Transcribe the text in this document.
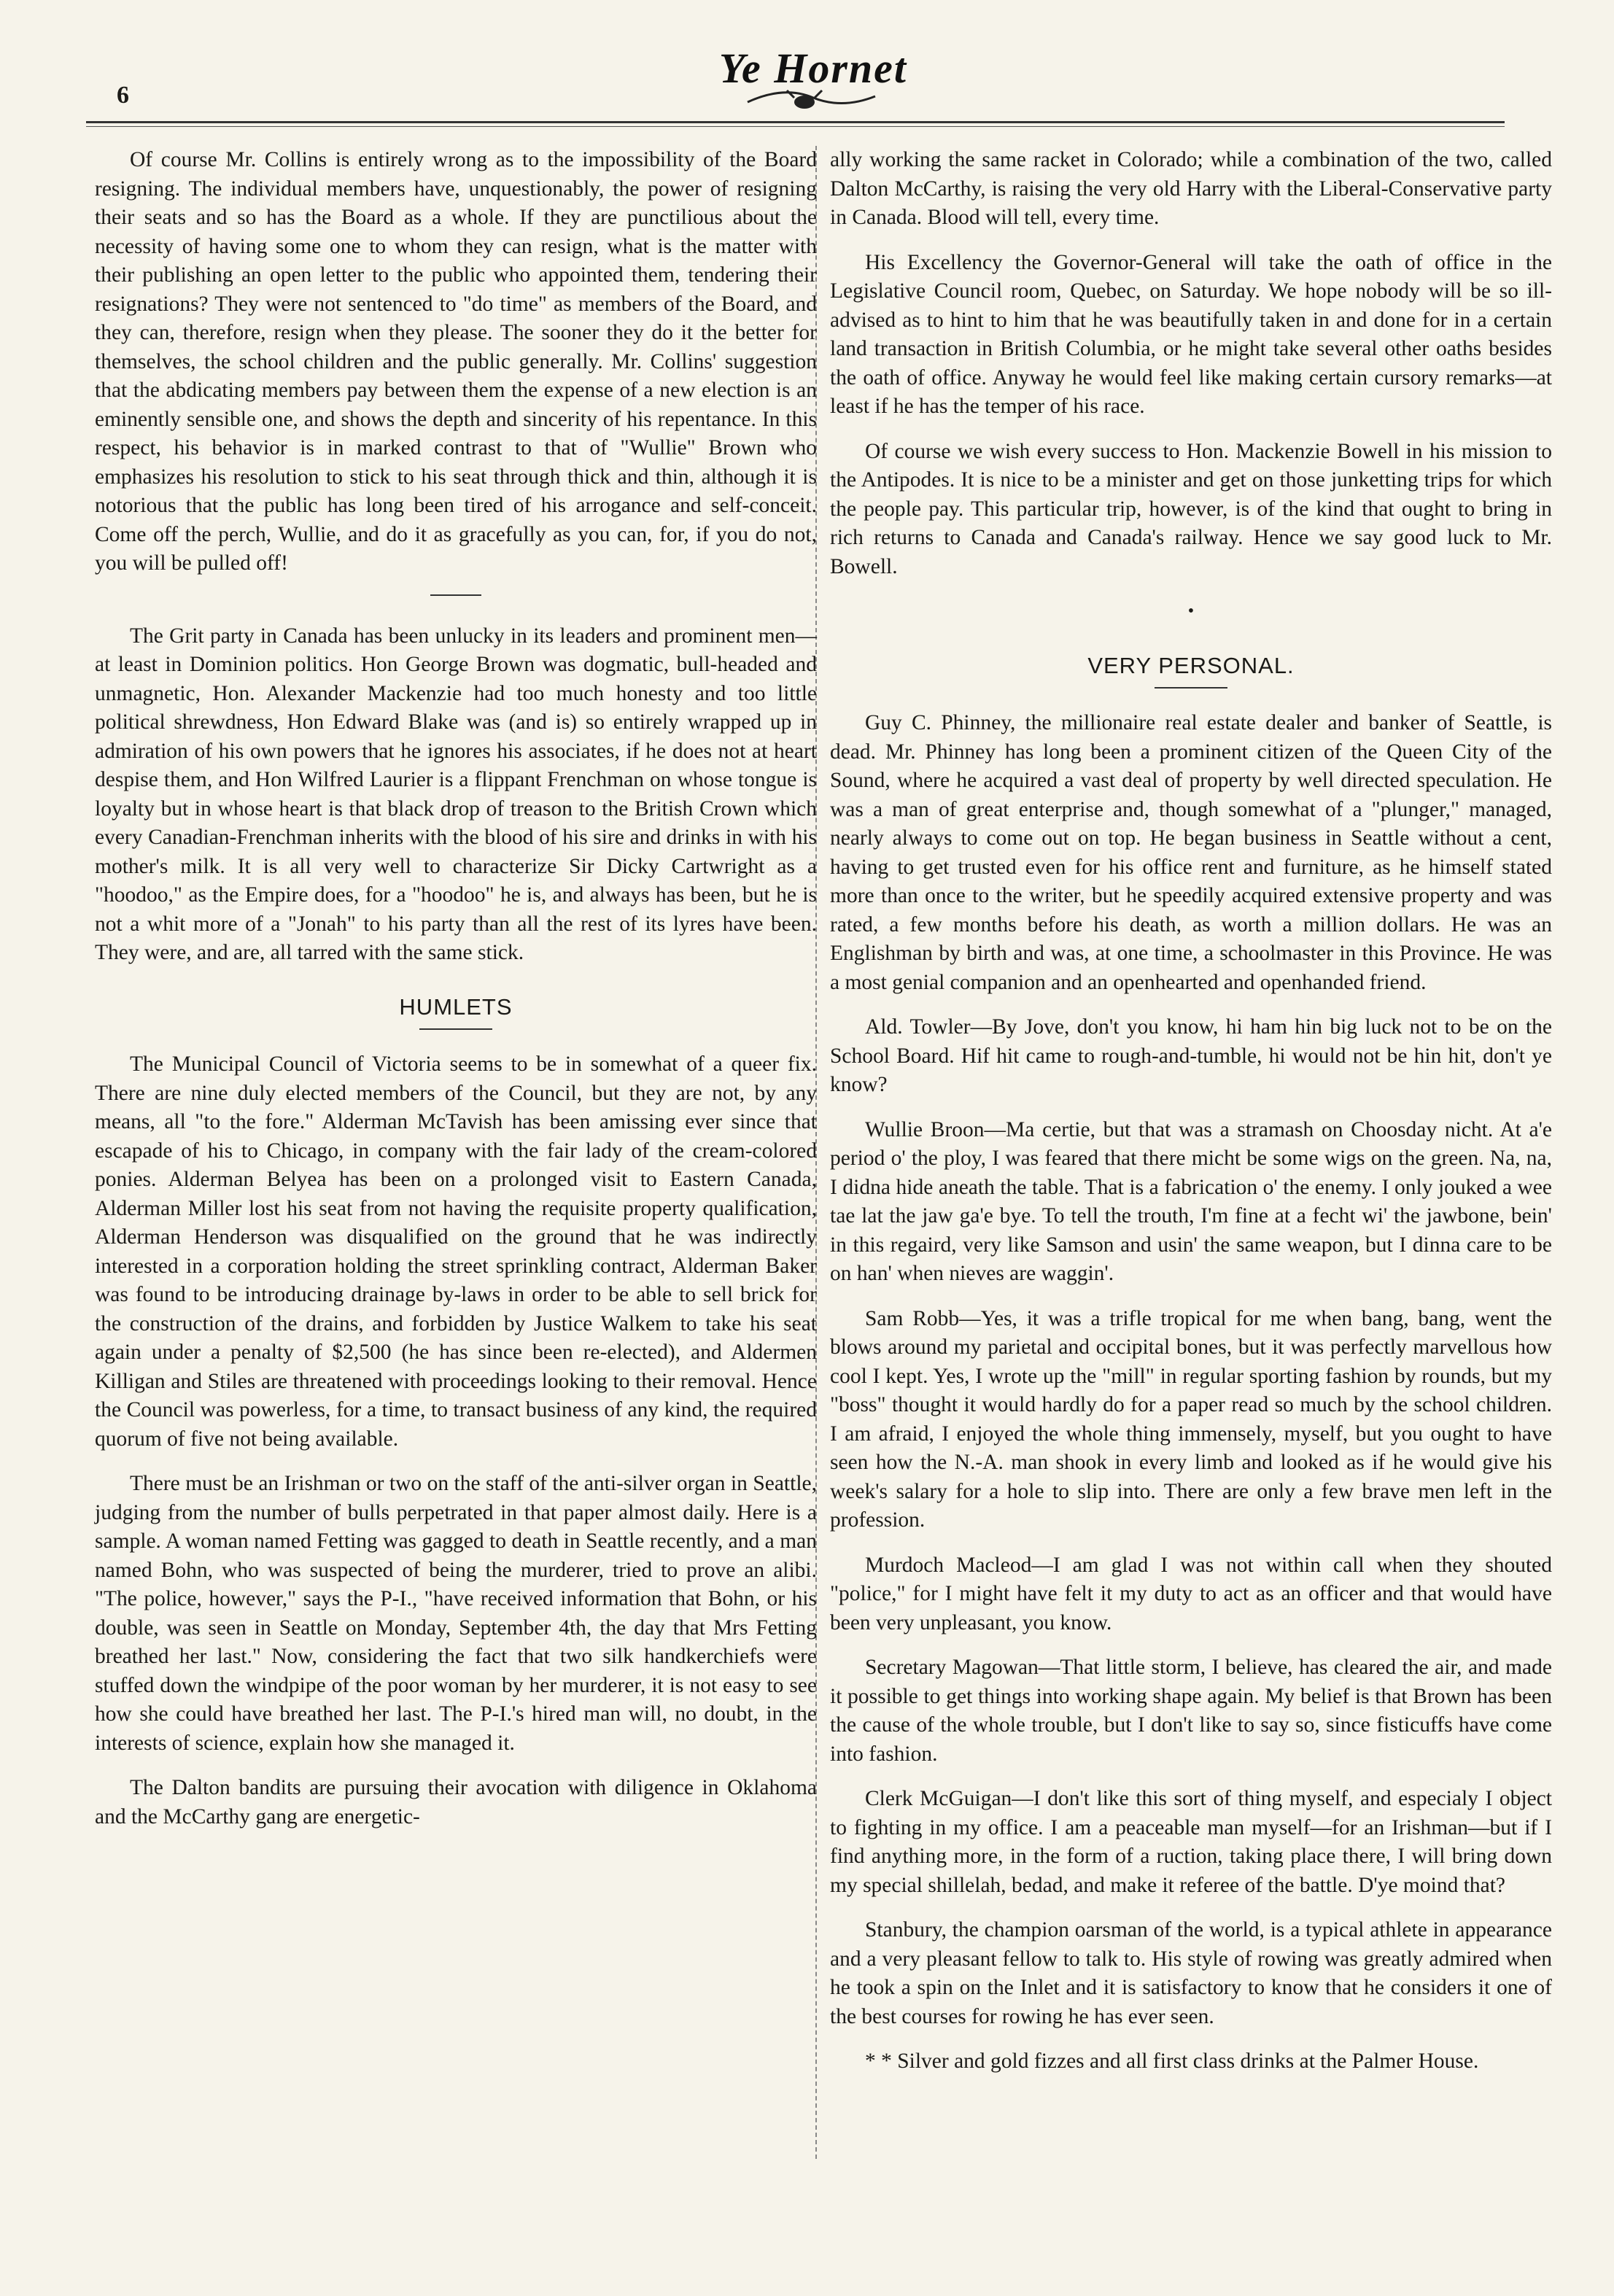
6
Ye Hornet

Of course Mr. Collins is entirely wrong as to the impossibility of the Board resigning. The individual members have, unquestionably, the power of resigning their seats and so has the Board as a whole. If they are punctilious about the necessity of having some one to whom they can resign, what is the matter with their publishing an open letter to the public who appointed them, tendering their resignations? They were not sentenced to "do time" as members of the Board, and they can, therefore, resign when they please. The sooner they do it the better for themselves, the school children and the public generally. Mr. Collins' suggestion that the abdicating members pay between them the expense of a new election is an eminently sensible one, and shows the depth and sincerity of his repentance. In this respect, his behavior is in marked contrast to that of "Wullie" Brown who emphasizes his resolution to stick to his seat through thick and thin, although it is notorious that the public has long been tired of his arrogance and self-conceit. Come off the perch, Wullie, and do it as gracefully as you can, for, if you do not, you will be pulled off!

The Grit party in Canada has been unlucky in its leaders and prominent men—at least in Dominion politics. Hon George Brown was dogmatic, bull-headed and unmagnetic, Hon. Alexander Mackenzie had too much honesty and too little political shrewdness, Hon Edward Blake was (and is) so entirely wrapped up in admiration of his own powers that he ignores his associates, if he does not at heart despise them, and Hon Wilfred Laurier is a flippant Frenchman on whose tongue is loyalty but in whose heart is that black drop of treason to the British Crown which every Canadian-Frenchman inherits with the blood of his sire and drinks in with his mother's milk. It is all very well to characterize Sir Dicky Cartwright as a "hoodoo," as the Empire does, for a "hoodoo" he is, and always has been, but he is not a whit more of a "Jonah" to his party than all the rest of its lyres have been. They were, and are, all tarred with the same stick.

HUMLETS

The Municipal Council of Victoria seems to be in somewhat of a queer fix. There are nine duly elected members of the Council, but they are not, by any means, all "to the fore." Alderman McTavish has been amissing ever since that escapade of his to Chicago, in company with the fair lady of the cream-colored ponies. Alderman Belyea has been on a prolonged visit to Eastern Canada, Alderman Miller lost his seat from not having the requisite property qualification, Alderman Henderson was disqualified on the ground that he was indirectly interested in a corporation holding the street sprinkling contract, Alderman Baker was found to be introducing drainage by-laws in order to be able to sell brick for the construction of the drains, and forbidden by Justice Walkem to take his seat again under a penalty of $2,500 (he has since been re-elected), and Aldermen Killigan and Stiles are threatened with proceedings looking to their removal. Hence the Council was powerless, for a time, to transact business of any kind, the required quorum of five not being available.

There must be an Irishman or two on the staff of the anti-silver organ in Seattle, judging from the number of bulls perpetrated in that paper almost daily. Here is a sample. A woman named Fetting was gagged to death in Seattle recently, and a man named Bohn, who was suspected of being the murderer, tried to prove an alibi. "The police, however," says the P-I., "have received information that Bohn, or his double, was seen in Seattle on Monday, September 4th, the day that Mrs Fetting breathed her last." Now, considering the fact that two silk handkerchiefs were stuffed down the windpipe of the poor woman by her murderer, it is not easy to see how she could have breathed her last. The P-I.'s hired man will, no doubt, in the interests of science, explain how she managed it.

The Dalton bandits are pursuing their avocation with diligence in Oklahoma and the McCarthy gang are energetic-

ally working the same racket in Colorado; while a combination of the two, called Dalton McCarthy, is raising the very old Harry with the Liberal-Conservative party in Canada. Blood will tell, every time.

His Excellency the Governor-General will take the oath of office in the Legislative Council room, Quebec, on Saturday. We hope nobody will be so ill-advised as to hint to him that he was beautifully taken in and done for in a certain land transaction in British Columbia, or he might take several other oaths besides the oath of office. Anyway he would feel like making certain cursory remarks—at least if he has the temper of his race.

Of course we wish every success to Hon. Mackenzie Bowell in his mission to the Antipodes. It is nice to be a minister and get on those junketting trips for which the people pay. This particular trip, however, is of the kind that ought to bring in rich returns to Canada and Canada's railway. Hence we say good luck to Mr. Bowell.

•
VERY PERSONAL.

Guy C. Phinney, the millionaire real estate dealer and banker of Seattle, is dead. Mr. Phinney has long been a prominent citizen of the Queen City of the Sound, where he acquired a vast deal of property by well directed speculation. He was a man of great enterprise and, though somewhat of a "plunger," managed, nearly always to come out on top. He began business in Seattle without a cent, having to get trusted even for his office rent and furniture, as he himself stated more than once to the writer, but he speedily acquired extensive property and was rated, a few months before his death, as worth a million dollars. He was an Englishman by birth and was, at one time, a schoolmaster in this Province. He was a most genial companion and an openhearted and openhanded friend.

Ald. Towler—By Jove, don't you know, hi ham hin big luck not to be on the School Board. Hif hit came to rough-and-tumble, hi would not be hin hit, don't ye know?

Wullie Broon—Ma certie, but that was a stramash on Choosday nicht. At a'e period o' the ploy, I was feared that there micht be some wigs on the green. Na, na, I didna hide aneath the table. That is a fabrication o' the enemy. I only jouked a wee tae lat the jaw ga'e bye. To tell the trouth, I'm fine at a fecht wi' the jawbone, bein' in this regaird, very like Samson and usin' the same weapon, but I dinna care to be on han' when nieves are waggin'.

Sam Robb—Yes, it was a trifle tropical for me when bang, bang, went the blows around my parietal and occipital bones, but it was perfectly marvellous how cool I kept. Yes, I wrote up the "mill" in regular sporting fashion by rounds, but my "boss" thought it would hardly do for a paper read so much by the school children. I am afraid, I enjoyed the whole thing immensely, myself, but you ought to have seen how the N.-A. man shook in every limb and looked as if he would give his week's salary for a hole to slip into. There are only a few brave men left in the profession.

Murdoch Macleod—I am glad I was not within call when they shouted "police," for I might have felt it my duty to act as an officer and that would have been very unpleasant, you know.

Secretary Magowan—That little storm, I believe, has cleared the air, and made it possible to get things into working shape again. My belief is that Brown has been the cause of the whole trouble, but I don't like to say so, since fisticuffs have come into fashion.

Clerk McGuigan—I don't like this sort of thing myself, and especialy I object to fighting in my office. I am a peaceable man myself—for an Irishman—but if I find anything more, in the form of a ruction, taking place there, I will bring down my special shillelah, bedad, and make it referee of the battle. D'ye moind that?

Stanbury, the champion oarsman of the world, is a typical athlete in appearance and a very pleasant fellow to talk to. His style of rowing was greatly admired when he took a spin on the Inlet and it is satisfactory to know that he considers it one of the best courses for rowing he has ever seen.

* * Silver and gold fizzes and all first class drinks at the Palmer House.
